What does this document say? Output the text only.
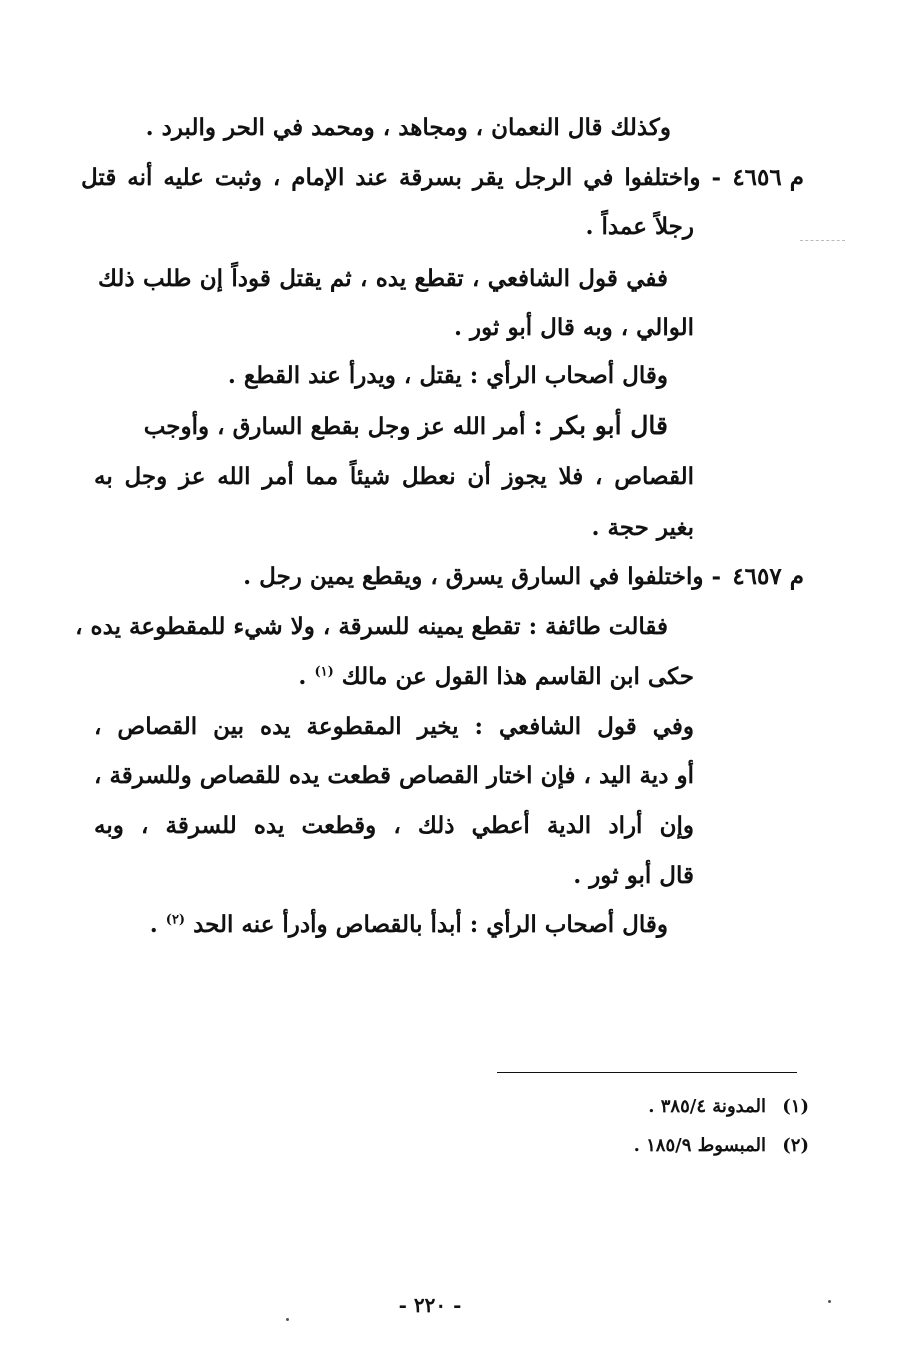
وكذلك قال النعمان ، ومجاهد ، ومحمد في الحر والبرد .
م ٤٦٥٦
- واختلفوا في الرجل يقر بسرقة عند الإمام ، وثبت عليه أنه قتل
رجلاً عمداً .
ففي قول الشافعي ، تقطع يده ، ثم يقتل قوداً إن طلب ذلك
الوالي ، وبه قال أبو ثور .
وقال أصحاب الرأي : يقتل ، ويدرأ عند القطع .
قال أبو بكر : أمر الله عز وجل بقطع السارق ، وأوجب
القصاص ، فلا يجوز أن نعطل شيئاً مما أمر الله عز وجل به
بغير حجة .
م ٤٦٥٧
- واختلفوا في السارق يسرق ، ويقطع يمين رجل .
فقالت طائفة : تقطع يمينه للسرقة ، ولا شيء للمقطوعة يده ،
حكى ابن القاسم هذا القول عن مالك $^{(١)}$ .
وفي قول الشافعي : يخير المقطوعة يده بين القصاص ،
أو دية اليد ، فإن اختار القصاص قطعت يده للقصاص وللسرقة ،
وإن أراد الدية أعطي ذلك ، وقطعت يده للسرقة ، وبه
قال أبو ثور .
وقال أصحاب الرأي : أبدأ بالقصاص وأدرأ عنه الحد $^{(٢)}$ .
(١) المدونة ٣٨٥/٤ .
(٢) المبسوط ١٨٥/٩ .
- ٢٢٠ -
